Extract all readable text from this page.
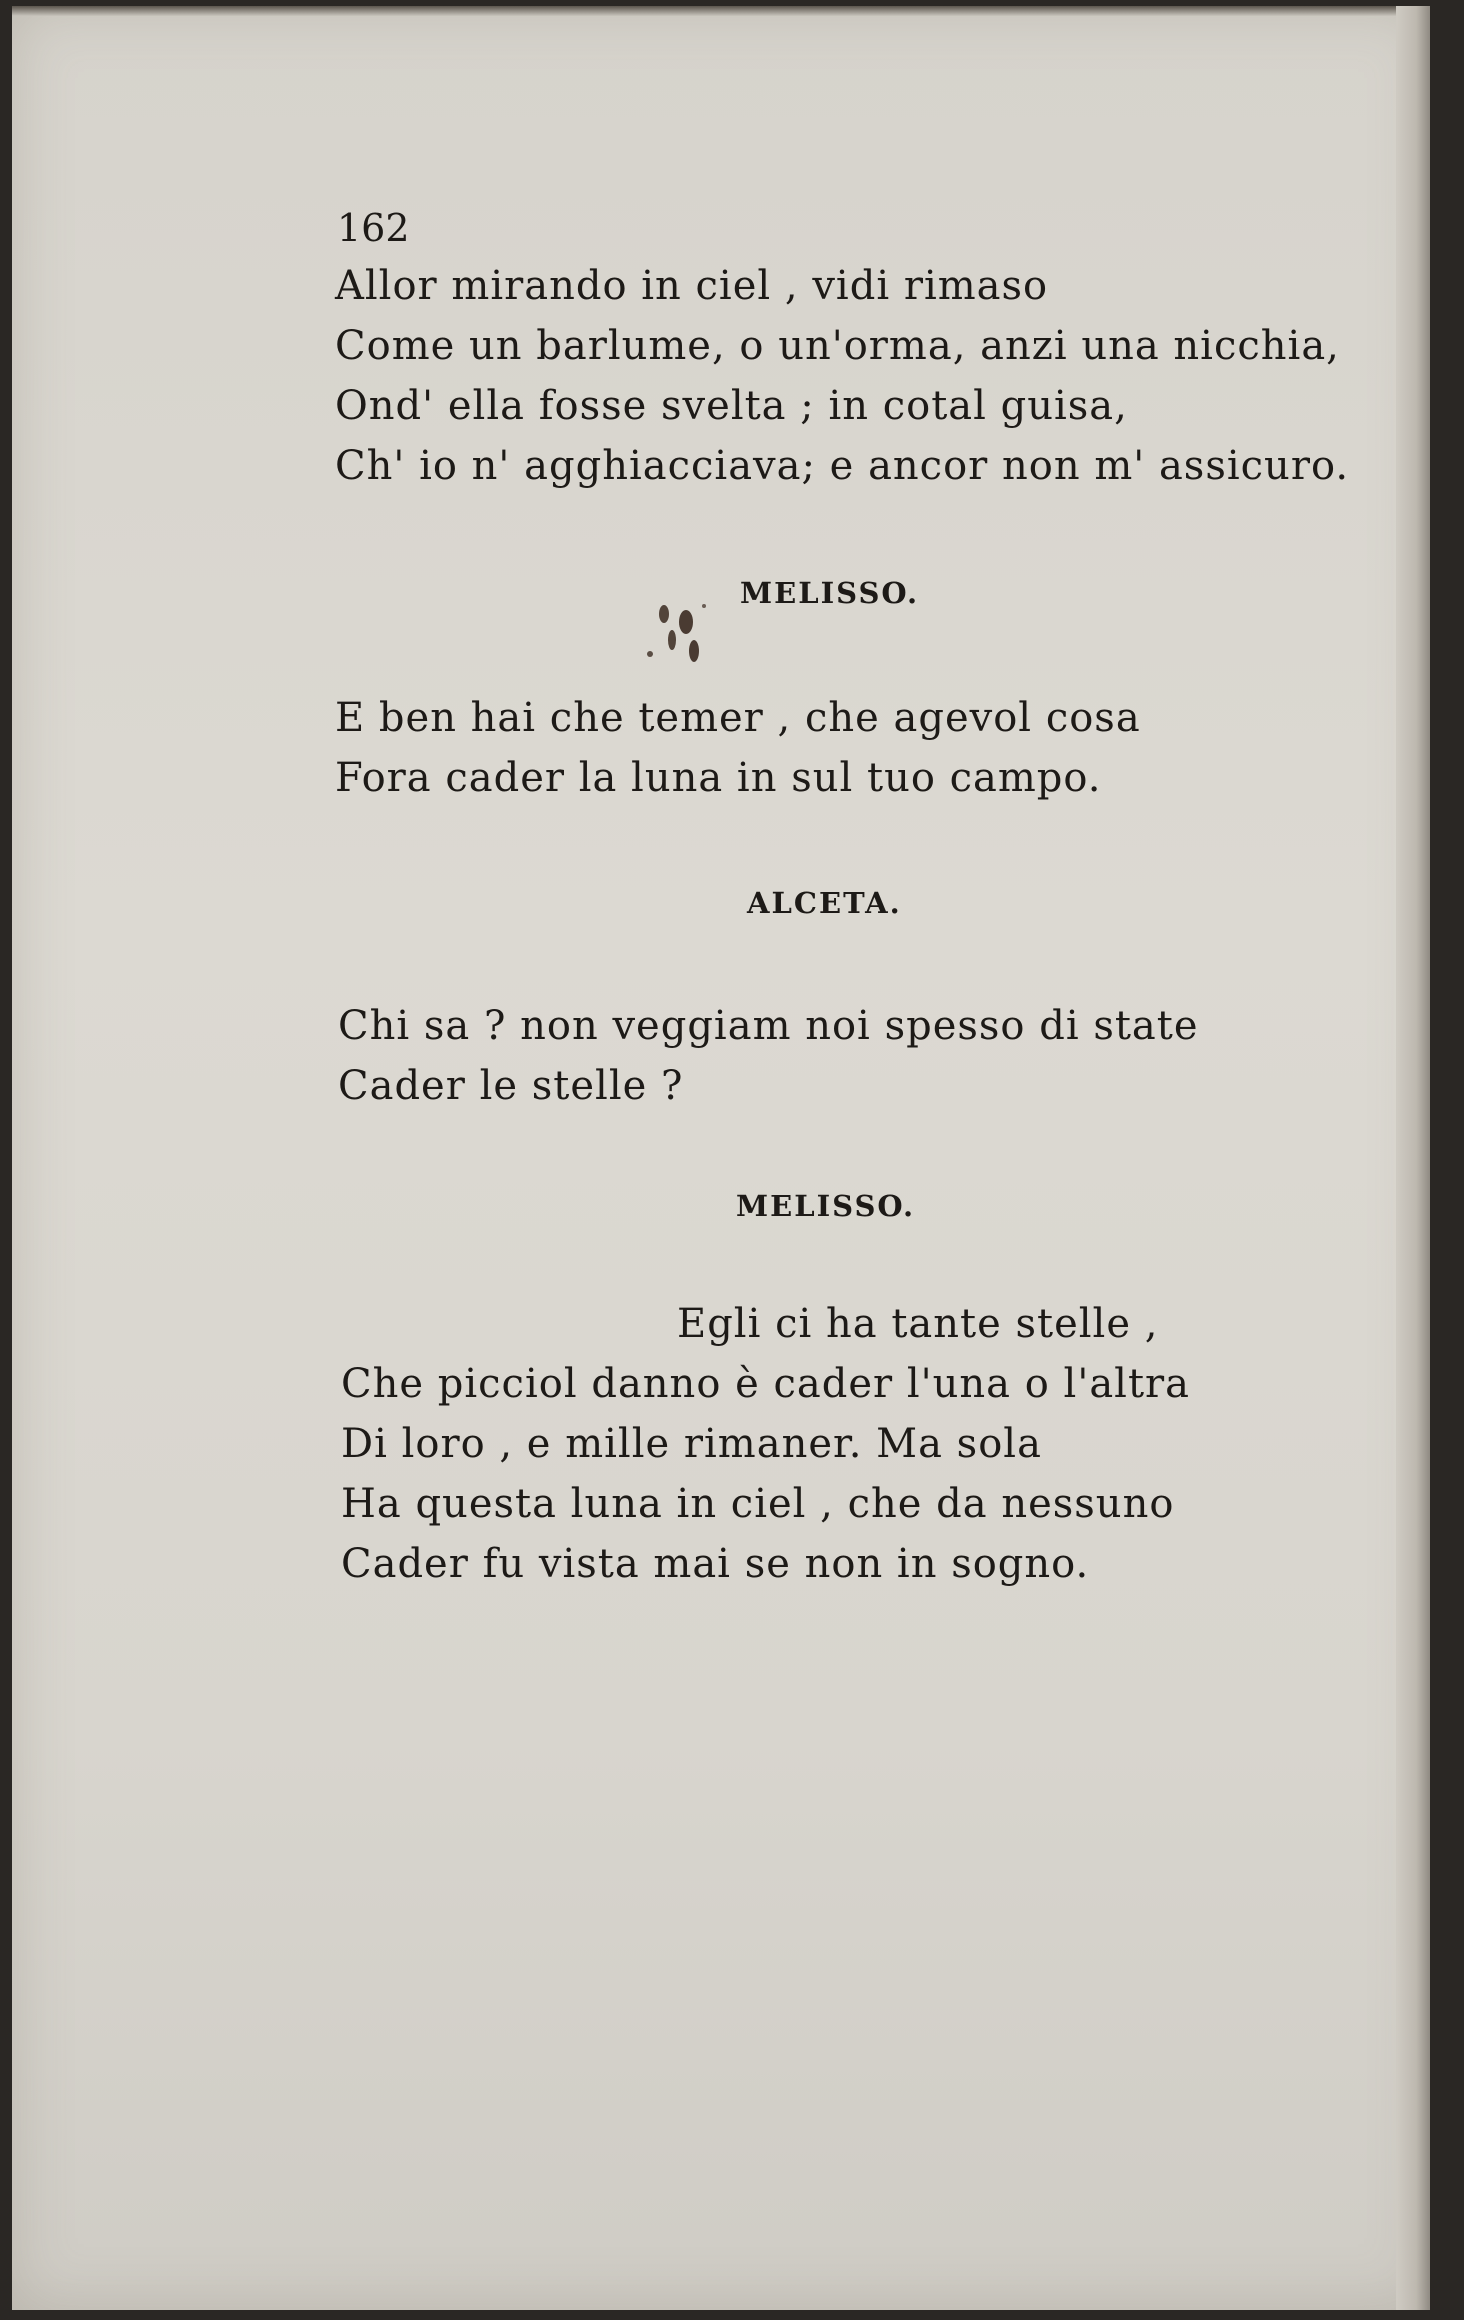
162
Allor mirando in ciel , vidi rimaso
Come un barlume, o un'orma, anzi una nicchia,
Ond' ella fosse svelta ; in cotal guisa,
Ch' io n' agghiacciava; e ancor non m' assicuro.
MELISSO.
E ben hai che temer , che agevol cosa
Fora cader la luna in sul tuo campo.
ALCETA.
Chi sa ? non veggiam noi spesso di state
Cader le stelle ?
MELISSO.
Egli ci ha tante stelle ,
Che picciol danno è cader l'una o l'altra
Di loro , e mille rimaner. Ma sola
Ha questa luna in ciel , che da nessuno
Cader fu vista mai se non in sogno.
